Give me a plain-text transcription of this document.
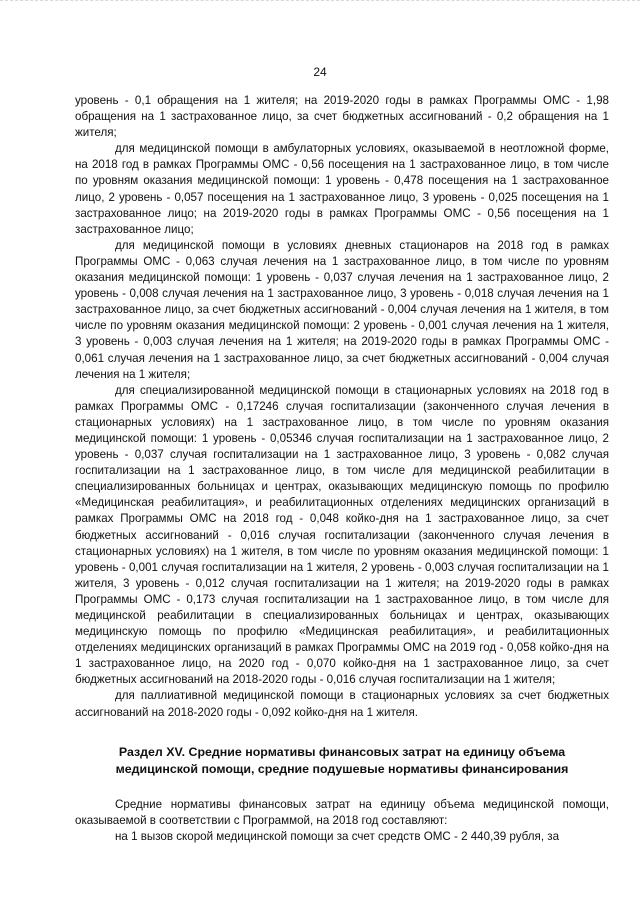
24

уровень - 0,1 обращения на 1 жителя; на 2019-2020 годы в рамках Программы ОМС - 1,98 обращения на 1 застрахованное лицо, за счет бюджетных ассигнований - 0,2 обращения на 1 жителя;

для медицинской помощи в амбулаторных условиях, оказываемой в неотложной форме, на 2018 год в рамках Программы ОМС - 0,56 посещения на 1 застрахованное лицо, в том числе по уровням оказания медицинской помощи: 1 уровень - 0,478 посещения на 1 застрахованное лицо, 2 уровень - 0,057 посещения на 1 застрахованное лицо, 3 уровень - 0,025 посещения на 1 застрахованное лицо; на 2019-2020 годы в рамках Программы ОМС - 0,56 посещения на 1 застрахованное лицо;

для медицинской помощи в условиях дневных стационаров на 2018 год в рамках Программы ОМС - 0,063 случая лечения на 1 застрахованное лицо, в том числе по уровням оказания медицинской помощи: 1 уровень - 0,037 случая лечения на 1 застрахованное лицо, 2 уровень - 0,008 случая лечения на 1 застрахованное лицо, 3 уровень - 0,018 случая лечения на 1 застрахованное лицо, за счет бюджетных ассигнований - 0,004 случая лечения на 1 жителя, в том числе по уровням оказания медицинской помощи: 2 уровень - 0,001 случая лечения на 1 жителя, 3 уровень - 0,003 случая лечения на 1 жителя; на 2019-2020 годы в рамках Программы ОМС - 0,061 случая лечения на 1 застрахованное лицо, за счет бюджетных ассигнований - 0,004 случая лечения на 1 жителя;

для специализированной медицинской помощи в стационарных условиях на 2018 год в рамках Программы ОМС - 0,17246 случая госпитализации (законченного случая лечения в стационарных условиях) на 1 застрахованное лицо, в том числе по уровням оказания медицинской помощи: 1 уровень - 0,05346 случая госпитализации на 1 застрахованное лицо, 2 уровень - 0,037 случая госпитализации на 1 застрахованное лицо, 3 уровень - 0,082 случая госпитализации на 1 застрахованное лицо, в том числе для медицинской реабилитации в специализированных больницах и центрах, оказывающих медицинскую помощь по профилю «Медицинская реабилитация», и реабилитационных отделениях медицинских организаций в рамках Программы ОМС на 2018 год - 0,048 койко-дня на 1 застрахованное лицо, за счет бюджетных ассигнований - 0,016 случая госпитализации (законченного случая лечения в стационарных условиях) на 1 жителя, в том числе по уровням оказания медицинской помощи: 1 уровень - 0,001 случая госпитализации на 1 жителя, 2 уровень - 0,003 случая госпитализации на 1 жителя, 3 уровень - 0,012 случая госпитализации на 1 жителя; на 2019-2020 годы в рамках Программы ОМС - 0,173 случая госпитализации на 1 застрахованное лицо, в том числе для медицинской реабилитации в специализированных больницах и центрах, оказывающих медицинскую помощь по профилю «Медицинская реабилитация», и реабилитационных отделениях медицинских организаций в рамках Программы ОМС на 2019 год - 0,058 койко-дня на 1 застрахованное лицо, на 2020 год - 0,070 койко-дня на 1 застрахованное лицо, за счет бюджетных ассигнований на 2018-2020 годы - 0,016 случая госпитализации на 1 жителя;

для паллиативной медицинской помощи в стационарных условиях за счет бюджетных ассигнований на 2018-2020 годы - 0,092 койко-дня на 1 жителя.

Раздел XV. Средние нормативы финансовых затрат на единицу объема
медицинской помощи, средние подушевые нормативы финансирования

Средние нормативы финансовых затрат на единицу объема медицинской помощи, оказываемой в соответствии с Программой, на 2018 год составляют:

на 1 вызов скорой медицинской помощи за счет средств ОМС - 2 440,39 рубля, за
